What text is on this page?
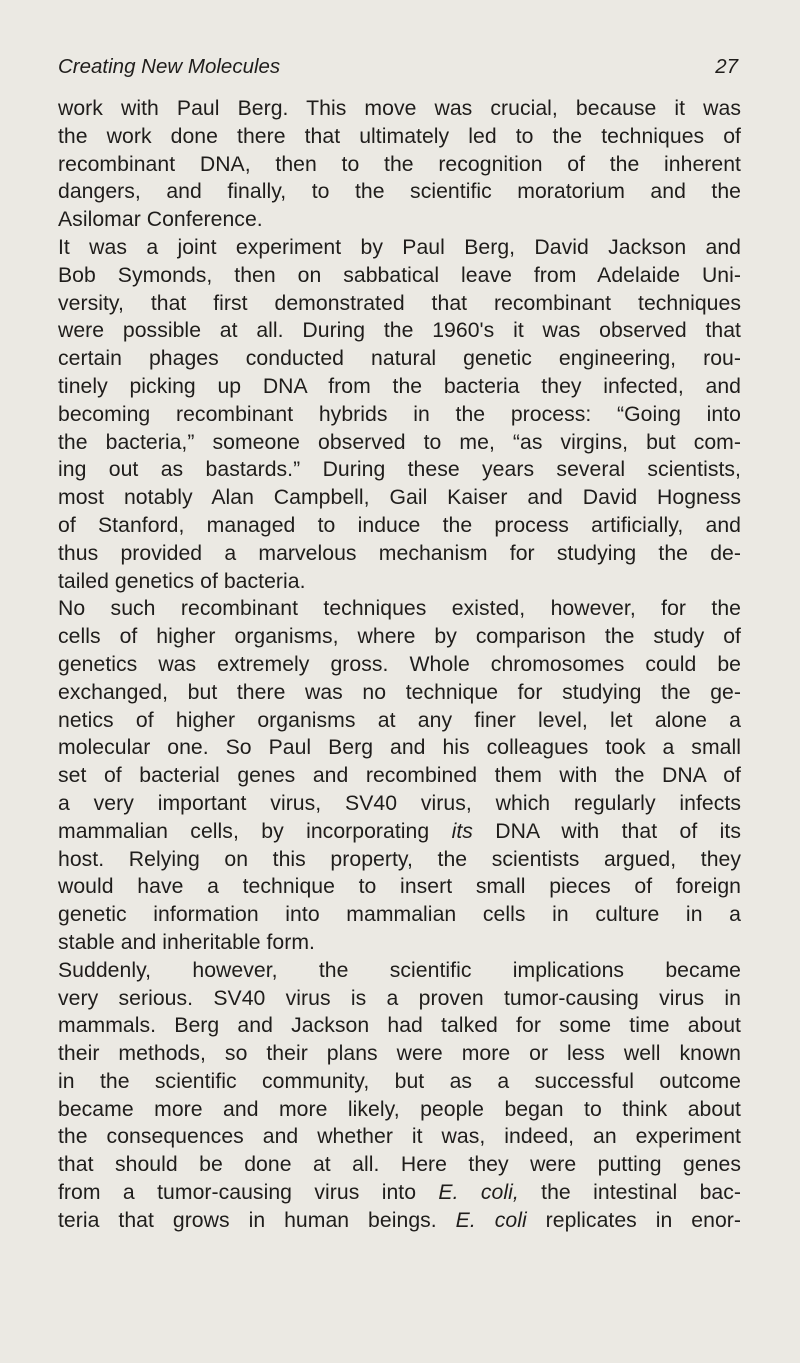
Creating New Molecules	27
work with Paul Berg. This move was crucial, because it was
the work done there that ultimately led to the techniques of
recombinant DNA, then to the recognition of the inherent
dangers, and finally, to the scientific moratorium and the
Asilomar Conference.
It was a joint experiment by Paul Berg, David Jackson and
Bob Symonds, then on sabbatical leave from Adelaide Uni-
versity, that first demonstrated that recombinant techniques
were possible at all. During the 1960's it was observed that
certain phages conducted natural genetic engineering, rou-
tinely picking up DNA from the bacteria they infected, and
becoming recombinant hybrids in the process: “Going into
the bacteria,” someone observed to me, “as virgins, but com-
ing out as bastards.” During these years several scientists,
most notably Alan Campbell, Gail Kaiser and David Hogness
of Stanford, managed to induce the process artificially, and
thus provided a marvelous mechanism for studying the de-
tailed genetics of bacteria.
No such recombinant techniques existed, however, for the
cells of higher organisms, where by comparison the study of
genetics was extremely gross. Whole chromosomes could be
exchanged, but there was no technique for studying the ge-
netics of higher organisms at any finer level, let alone a
molecular one. So Paul Berg and his colleagues took a small
set of bacterial genes and recombined them with the DNA of
a very important virus, SV40 virus, which regularly infects
mammalian cells, by incorporating its DNA with that of its
host. Relying on this property, the scientists argued, they
would have a technique to insert small pieces of foreign
genetic information into mammalian cells in culture in a
stable and inheritable form.
Suddenly, however, the scientific implications became
very serious. SV40 virus is a proven tumor-causing virus in
mammals. Berg and Jackson had talked for some time about
their methods, so their plans were more or less well known
in the scientific community, but as a successful outcome
became more and more likely, people began to think about
the consequences and whether it was, indeed, an experiment
that should be done at all. Here they were putting genes
from a tumor-causing virus into E. coli, the intestinal bac-
teria that grows in human beings. E. coli replicates in enor-
